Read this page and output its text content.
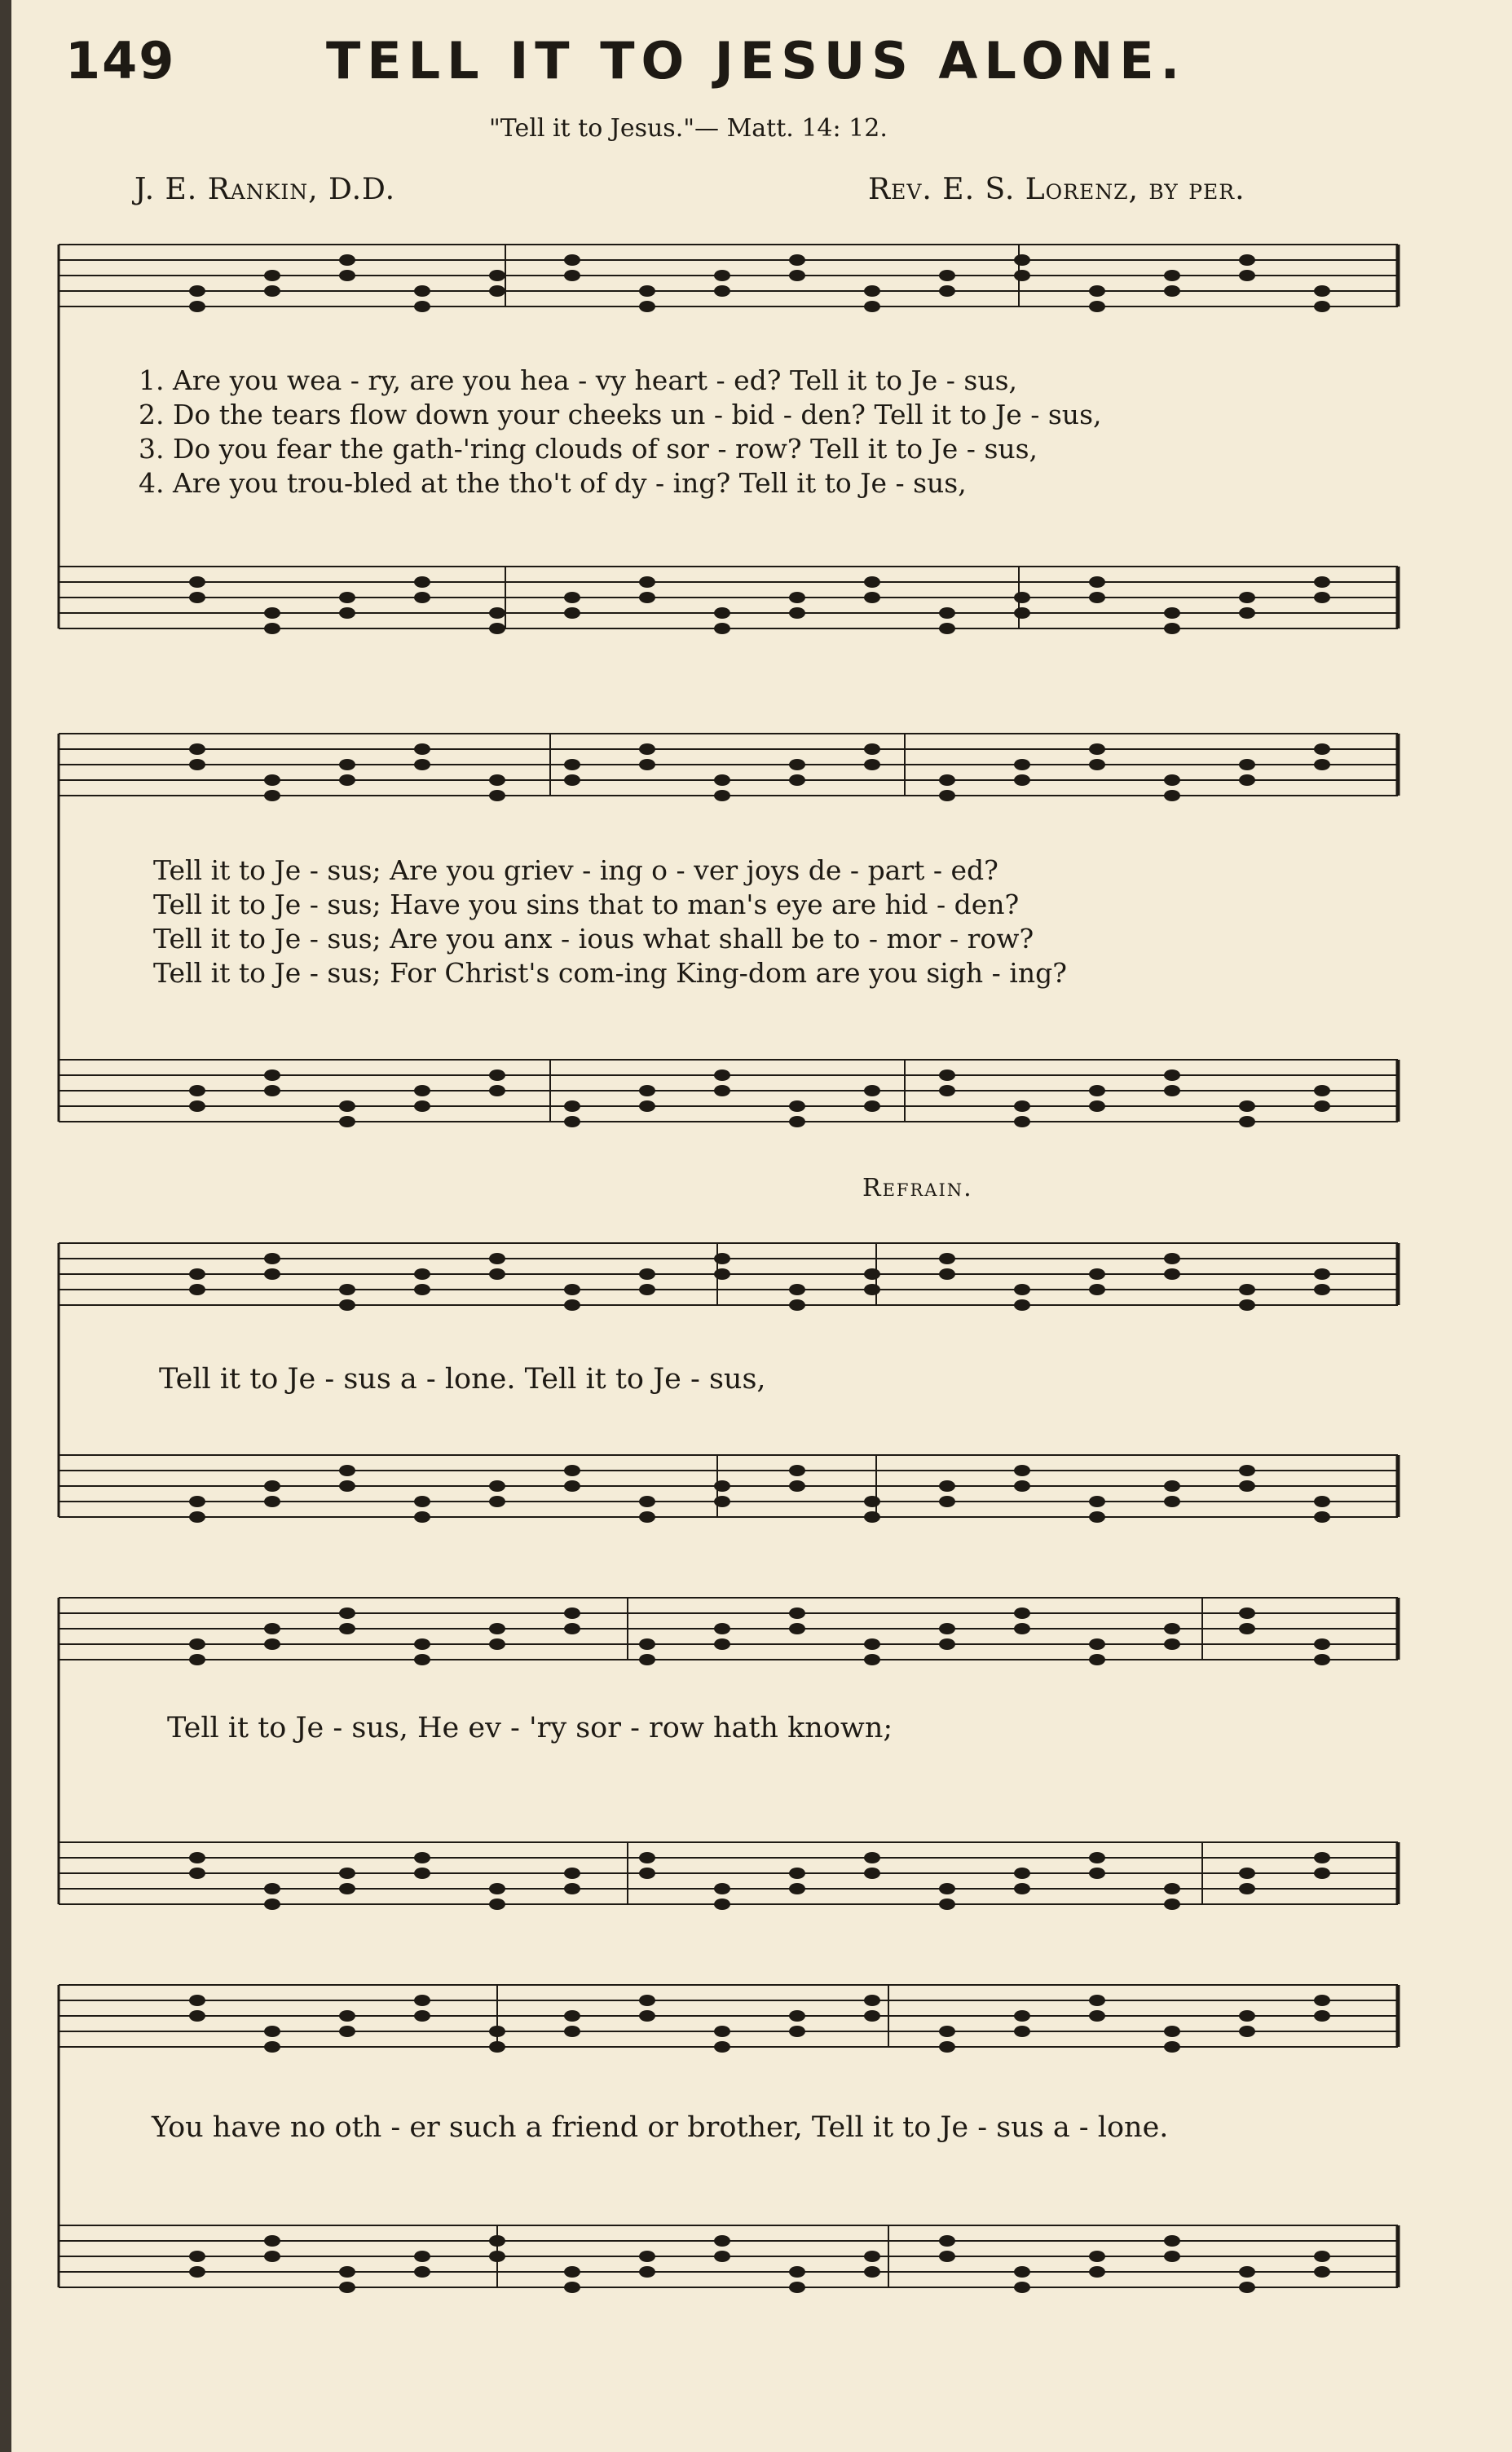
149	TELL IT TO JESUS ALONE.
"Tell it to Jesus."— Matt. 14: 12.
J. E. Rankin, D.D.	Rev. E. S. Lorenz, by per.
1. Are you wea - ry, are you hea - vy heart - ed? Tell it to Je - sus,
2. Do the tears flow down your cheeks un - bid - den? Tell it to Je - sus,
3. Do you fear the gath-'ring clouds of sor - row? Tell it to Je - sus,
4. Are you trou-bled at the tho't of dy - ing? Tell it to Je - sus,
Tell it to Je - sus; Are you griev - ing o - ver joys de - part - ed?
Tell it to Je - sus; Have you sins that to man's eye are hid - den?
Tell it to Je - sus; Are you anx - ious what shall be to - mor - row?
Tell it to Je - sus; For Christ's com-ing King-dom are you sigh - ing?
Refrain.
Tell it to Je - sus a - lone. Tell it to Je - sus,
Tell it to Je - sus, He ev - 'ry sor - row hath known;
You have no oth - er such a friend or brother, Tell it to Je - sus a - lone.
